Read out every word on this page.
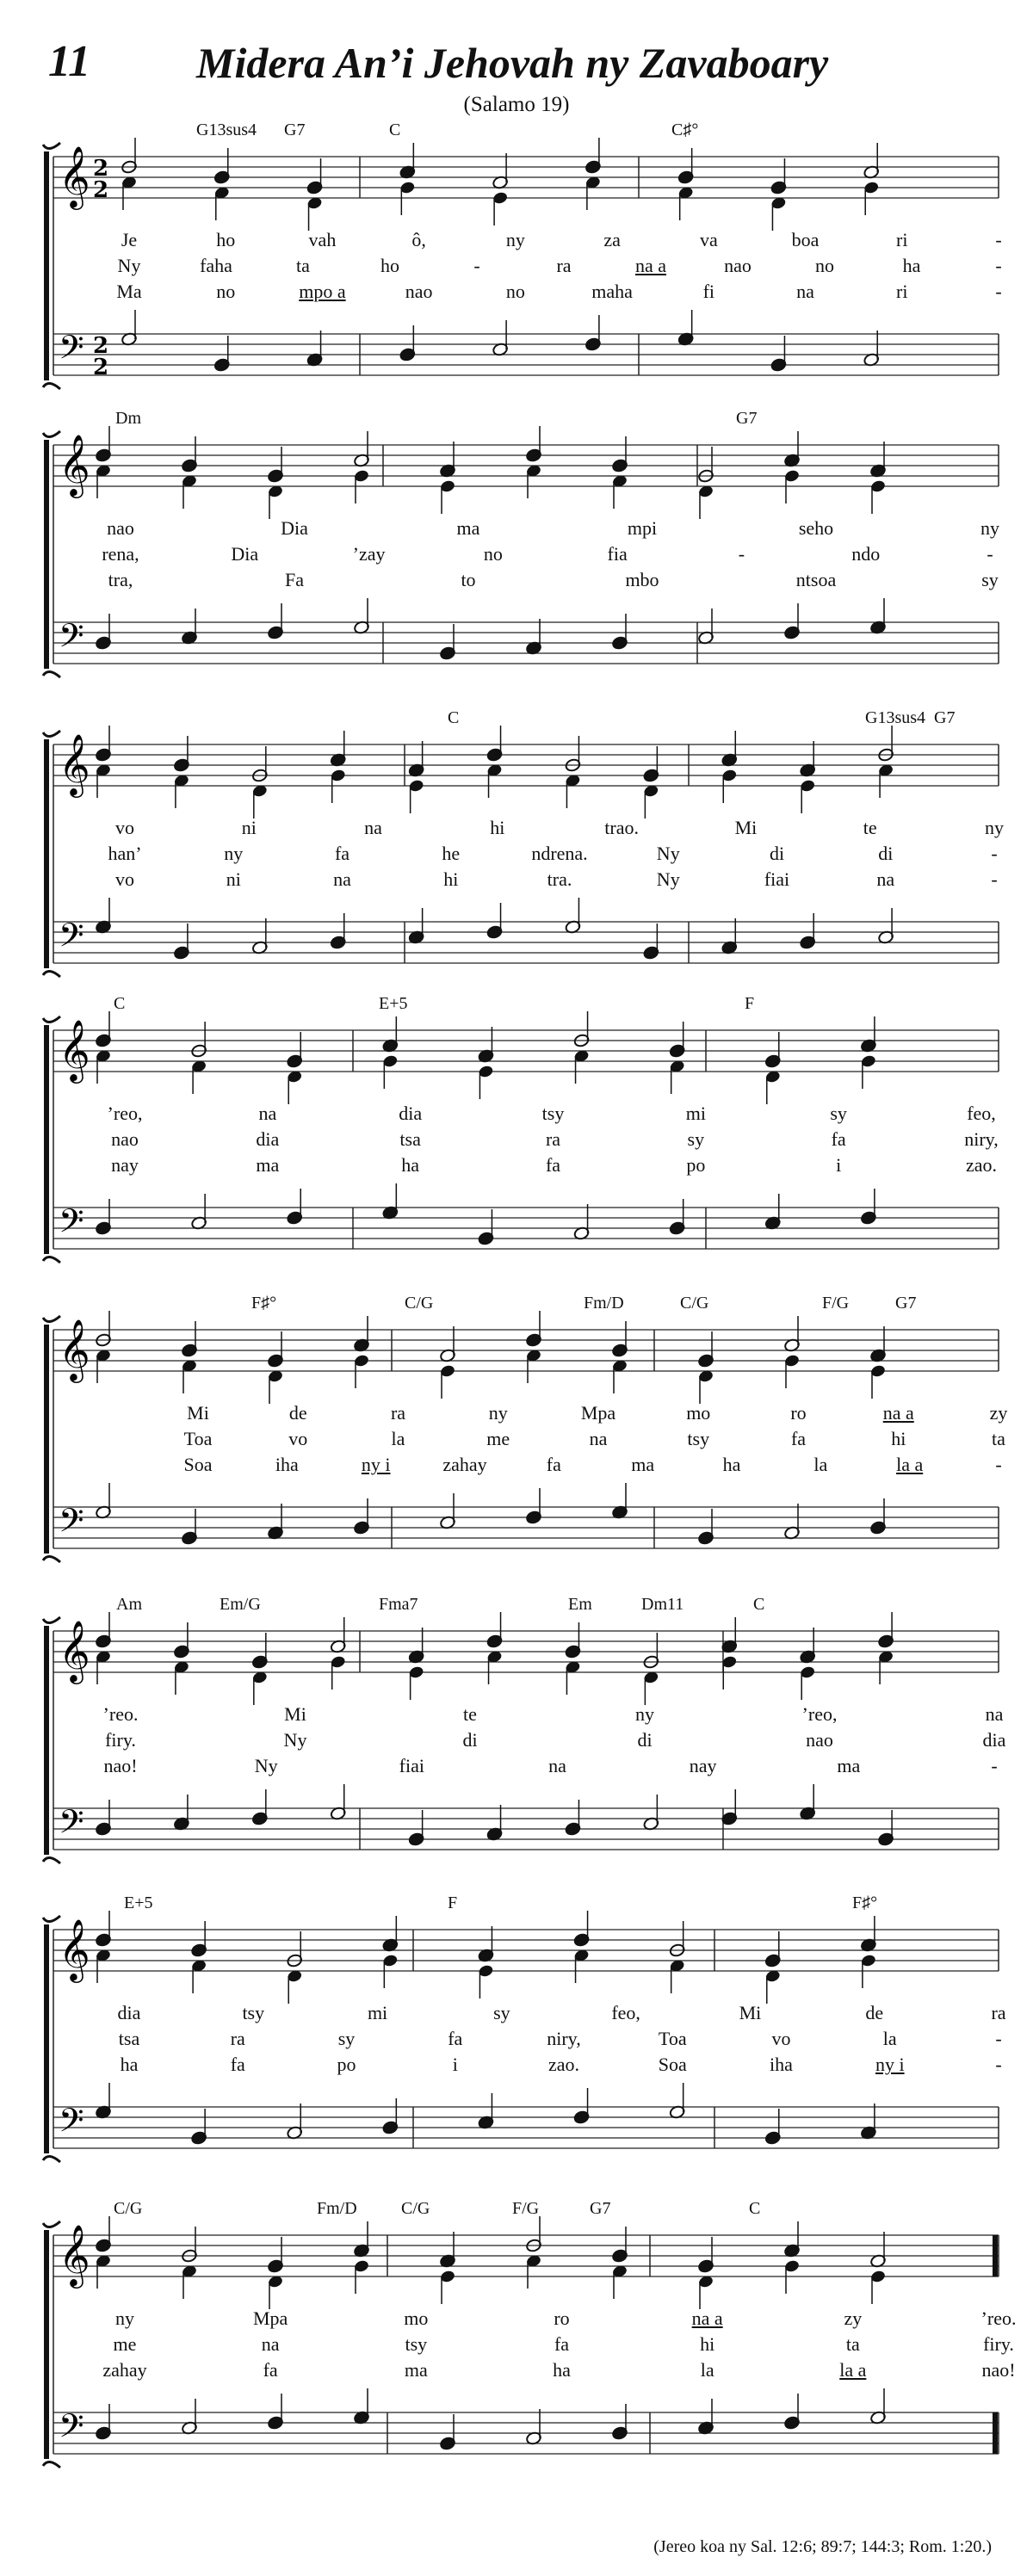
11 Midera An’i Jehovah ny Zavaboary
(Salamo 19)
𝄞
𝄢
2
2
2
2
G13sus4 G7	C	C♯°
Je	ho	vah	ô,	ny	za	va	boa	ri	-
Ny	faha	ta	ho	-	ra	na a	nao	no	ha	-
Ma	no	mpo a	nao	no	maha	fi	na	ri	-
𝄞
𝄢
Dm	G7
nao	Dia	ma	mpi	seho	ny
rena,	Dia	’zay	no	fia	-	ndo	-
tra,	Fa	to	mbo	ntsoa	sy
𝄞
𝄢
C	G13sus4 G7
vo	ni	na	hi	trao.	Mi	te	ny
han’	ny	fa	he	ndrena.	Ny	di	di	-
vo	ni	na	hi	tra.	Ny	fiai	na	-
𝄞
𝄢
C	E+5	F
’reo,	na	dia	tsy	mi	sy	feo,
nao	dia	tsa	ra	sy	fa	niry,
nay	ma	ha	fa	po	i	zao.
𝄞
𝄢
F♯°	C/G	Fm/D	C/G	F/G	G7
Mi	de	ra	ny	Mpa	mo	ro	na a	zy
Toa	vo	la	me	na	tsy	fa	hi	ta
Soa	iha	ny i	zahay	fa	ma	ha	la	la a	-
𝄞
𝄢
Am	Em/G	Fma7	Em	Dm11	C
’reo.	Mi	te	ny	’reo,	na
firy.	Ny	di	di	nao	dia
nao!	Ny	fiai	na	nay	ma	-
𝄞
𝄢
E+5	F	F♯°
dia	tsy	mi	sy	feo,	Mi	de	ra
tsa	ra	sy	fa	niry,	Toa	vo	la	-
ha	fa	po	i	zao.	Soa	iha	ny i	-
𝄞
𝄢
C/G	Fm/D	C/G	F/G	G7	C
ny	Mpa	mo	ro	na a	zy	’reo.
me	na	tsy	fa	hi	ta	firy.
zahay	fa	ma	ha	la	la a	nao!
(Jereo koa ny Sal. 12:6; 89:7; 144:3; Rom. 1:20.)
